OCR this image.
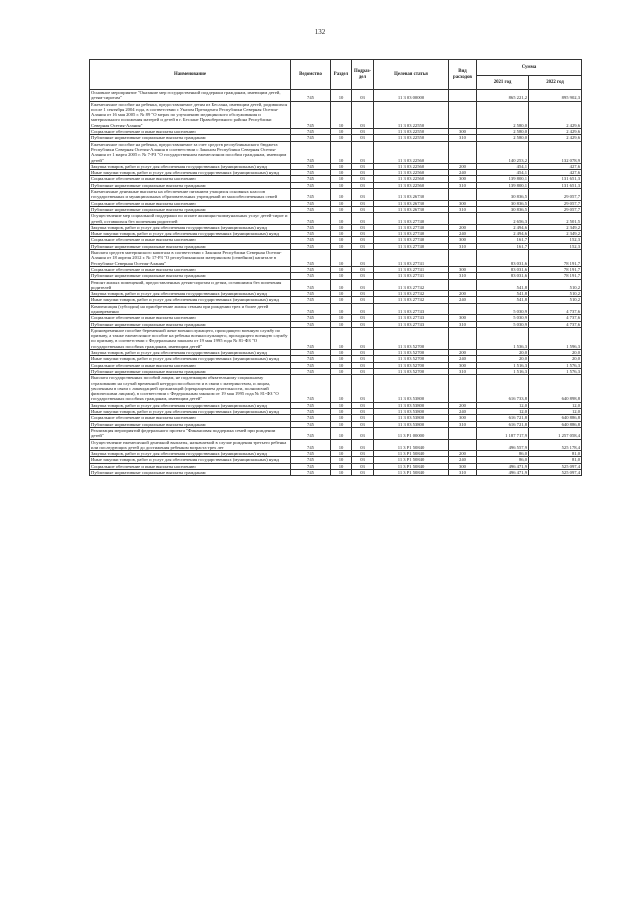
132
Наименование	Ведомство	Раздел	Подраз-дел	Целевая статья	Вид расходов	Сумма	
						2021 год	2022 год
Основное мероприятие "Оказание мер государственной поддержки гражданам, имеющим детей, детям-сиротам"	745	10	03	11 3 03 00000		865 221,2	895 902,3
Ежемесячное пособие на ребенка, предоставляемое детям из Беслана, имеющим детей, родившихся после 1 сентября 2004 года, в соответствии с Указом Президента Республики Северная Осетия-Алания от 16 мая 2005 г. № 89 "О мерах по улучшению медицинского обслуживания и материального положения матерей и детей в г. Беслане Правобережного района Республики Северная Осетия-Алания"	745	10	03	11 3 03 22550		2 580,0	2 429,6
Социальное обеспечение и иные выплаты населению	745	10	03	11 3 03 22550	300	2 580,0	2 429,6
Публичные нормативные социальные выплаты гражданам	745	10	03	11 3 03 22550	310	2 580,0	2 429,6
Ежемесячное пособие на ребенка, предоставляемое за счет средств республиканского бюджета Республики Северная Осетия-Алания в соответствии с Законом Республики Северная Осетия-Алания от 1 марта 2005 г. № 7-РЗ "О государственном ежемесячном пособии гражданам, имеющим детей"	745	10	03	11 3 03 22560		140 253,2	132 078,9
Закупка товаров, работ и услуг для обеспечения государственных (муниципальных) нужд	745	10	03	11 3 03 22560	200	454,1	427,6
Иные закупки товаров, работ и услуг для обеспечения государственных (муниципальных) нужд	745	10	03	11 3 03 22560	240	454,1	427,6
Социальное обеспечение и иные выплаты населению	745	10	03	11 3 03 22560	300	139 800,1	131 651,3
Публичные нормативные социальные выплаты гражданам	745	10	03	11 3 03 22560	310	139 800,1	131 651,3
Ежемесячные денежные выплаты на обеспечение питанием учащихся основных классов государственных и муниципальных образовательных учреждений из малообеспеченных семей	745	10	03	11 3 03 26730		30 836,5	29 057,7
Социальное обеспечение и иные выплаты населению	745	10	03	11 3 03 26730	300	30 836,5	29 057,7
Публичные нормативные социальные выплаты гражданам	745	10	03	11 3 03 26730	310	30 836,5	29 057,7
Осуществление мер социальной поддержки по оплате жилищно-коммунальных услуг детей-сирот и детей, оставшихся без попечения родителей	745	10	03	11 3 03 27740		2 656,3	2 501,5
Закупка товаров, работ и услуг для обеспечения государственных (муниципальных) нужд	745	10	03	11 3 03 27740	200	2 494,6	2 349,2
Иные закупки товаров, работ и услуг для обеспечения государственных (муниципальных) нужд	745	10	03	11 3 03 27740	240	2 494,6	2 349,2
Социальное обеспечение и иные выплаты населению	745	10	03	11 3 03 27740	300	161,7	152,3
Публичные нормативные социальные выплаты гражданам	745	10	03	11 3 03 27740	310	161,7	152,3
Выплата средств материнского капитала в соответствии с Законом Республики Северная Осетия-Алания от 18 апреля 2012 г. № 17-РЗ "О республиканском материнском (семейном) капитале в Республике Северная Осетия-Алания"	745	10	03	11 3 03 27741		83 031,6	78 191,7
Социальное обеспечение и иные выплаты населению	745	10	03	11 3 03 27741	300	83 031,6	78 191,7
Публичные нормативные социальные выплаты гражданам	745	10	03	11 3 03 27741	310	83 031,6	78 191,7
Ремонт жилых помещений, предоставленных детям-сиротам и детям, оставшимся без попечения родителей	745	10	03	11 3 03 27742		541,8	510,2
Закупка товаров, работ и услуг для обеспечения государственных (муниципальных) нужд	745	10	03	11 3 03 27742	200	541,8	510,2
Иные закупки товаров, работ и услуг для обеспечения государственных (муниципальных) нужд	745	10	03	11 3 03 27742	240	541,8	510,2
Компенсация (субсидия) на приобретение жилья семьям при рождении трех и более детей одновременно	745	10	03	11 3 03 27743		5 030,9	4 737,6
Социальное обеспечение и иные выплаты населению	745	10	03	11 3 03 27743	300	5 030,9	4 737,6
Публичные нормативные социальные выплаты гражданам	745	10	03	11 3 03 27743	310	5 030,9	4 737,6
Единовременное пособие беременной жене военнослужащего, проходящего военную службу по призыву, а также ежемесячное пособие на ребенка военнослужащего, проходящего военную службу по призыву, в соответствии с Федеральным законом от 19 мая 1995 года № 81-ФЗ "О государственных пособиях гражданам, имеющим детей"	745	10	03	11 3 03 52700		1 536,3	1 596,3
Закупка товаров, работ и услуг для обеспечения государственных (муниципальных) нужд	745	10	03	11 3 03 52700	200	20,0	20,0
Иные закупки товаров, работ и услуг для обеспечения государственных (муниципальных) нужд	745	10	03	11 3 03 52700	240	20,0	20,0
Социальное обеспечение и иные выплаты населению	745	10	03	11 3 03 52700	300	1 516,3	1 576,3
Публичные нормативные социальные выплаты гражданам	745	10	03	11 3 03 52700	310	1 516,3	1 576,3
Выплата государственных пособий лицам, не подлежащим обязательному социальному страхованию на случай временной нетрудоспособности и в связи с материнством, и лицам, уволенным в связи с ликвидацией организаций (прекращением деятельности, полномочий физическими лицами), в соответствии с Федеральным законом от 19 мая 1995 года № 81-ФЗ "О государственных пособиях гражданам, имеющим детей"	745	10	03	11 3 03 53800		616 733,8	640 898,8
Закупка товаров, работ и услуг для обеспечения государственных (муниципальных) нужд	745	10	03	11 3 03 53800	200	12,0	12,0
Иные закупки товаров, работ и услуг для обеспечения государственных (муниципальных) нужд	745	10	03	11 3 03 53800	240	12,0	12,0
Социальное обеспечение и иные выплаты населению	745	10	03	11 3 03 53800	300	616 721,8	640 886,8
Публичные нормативные социальные выплаты гражданам	745	10	03	11 3 03 53800	310	616 721,8	640 886,8
Реализация мероприятий федерального проекта "Финансовая поддержка семей при рождении детей"	745	10	03	11 3 P1 00000		1 187 717,9	1 257 058,4
Осуществление ежемесячной денежной выплаты, назначаемой в случае рождения третьего ребенка или последующих детей до достижения ребенком возраста трех лет	745	10	03	11 3 P1 50840		496 557,9	525 178,4
Закупка товаров, работ и услуг для обеспечения государственных (муниципальных) нужд	745	10	03	11 3 P1 50840	200	86,0	81,0
Иные закупки товаров, работ и услуг для обеспечения государственных (муниципальных) нужд	745	10	03	11 3 P1 50840	240	86,0	81,0
Социальное обеспечение и иные выплаты населению	745	10	03	11 3 P1 50840	300	496 471,9	525 097,4
Публичные нормативные социальные выплаты гражданам	745	10	03	11 3 P1 50840	310	496 471,9	525 097,4
